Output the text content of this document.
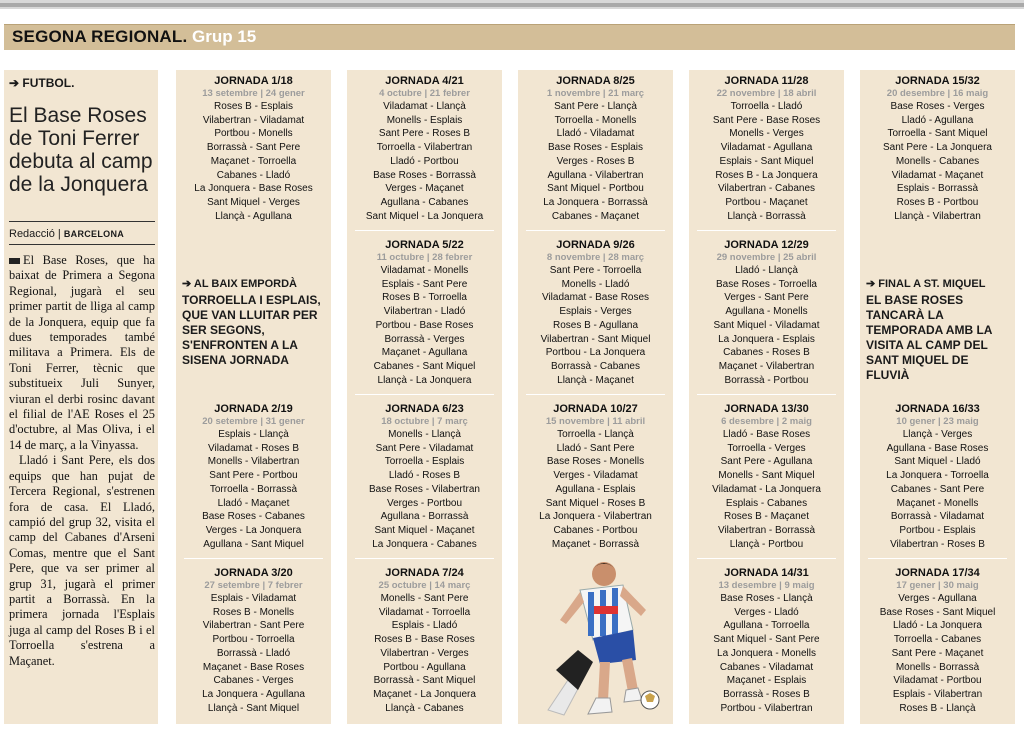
SEGONA REGIONAL. Grup 15
➔ FUTBOL.
El Base Roses de Toni Ferrer debuta al camp de la Jonquera
Redacció | BARCELONA

El Base Roses, que ha baixat de Primera a Segona Regional, jugarà el seu primer partit de lliga al camp de la Jonquera, equip que fa dues temporades també militava a Primera. Els de Toni Ferrer, tècnic que substitueix Juli Sunyer, viuran el derbi rosinc davant el filial de l'AE Roses el 25 d'octubre, al Mas Oliva, i el 14 de març, a la Vinyassa.

Lladó i Sant Pere, els dos equips que han pujat de Tercera Regional, s'estrenen fora de casa. El Lladó, campió del grup 32, visita el camp del Cabanes d'Arseni Comas, mentre que el Sant Pere, que va ser primer al grup 31, jugarà el primer partit a Borrassà. En la primera jornada l'Esplais juga al camp del Roses B i el Torroella s'estrena a Maçanet.

JORNADA 1/18
13 setembre | 24 gener
Roses B - Esplais
Vilabertran - Viladamat
Portbou - Monells
Borrassà - Sant Pere
Maçanet - Torroella
Cabanes - Lladó
La Jonquera - Base Roses
Sant Miquel - Verges
Llançà - Agullana
➔ AL BAIX EMPORDÀ
TORROELLA I ESPLAIS, QUE VAN LLUITAR PER SER SEGONS, S'ENFRONTEN A LA SISENA JORNADA
JORNADA 2/19
20 setembre | 31 gener
Esplais - Llançà
Viladamat - Roses B
Monells - Vilabertran
Sant Pere - Portbou
Torroella - Borrassà
Lladó - Maçanet
Base Roses - Cabanes
Verges - La Jonquera
Agullana - Sant Miquel
JORNADA 3/20
27 setembre | 7 febrer
Esplais - Viladamat
Roses B - Monells
Vilabertran - Sant Pere
Portbou - Torroella
Borrassà - Lladó
Maçanet - Base Roses
Cabanes - Verges
La Jonquera - Agullana
Llançà - Sant Miquel
JORNADA 4/21
4 octubre | 21 febrer
Viladamat - Llançà
Monells - Esplais
Sant Pere - Roses B
Torroella - Vilabertran
Lladó - Portbou
Base Roses - Borrassà
Verges - Maçanet
Agullana - Cabanes
Sant Miquel - La Jonquera
JORNADA 5/22
11 octubre | 28 febrer
Viladamat - Monells
Esplais - Sant Pere
Roses B - Torroella
Vilabertran - Lladó
Portbou - Base Roses
Borrassà - Verges
Maçanet - Agullana
Cabanes - Sant Miquel
Llançà - La Jonquera
JORNADA 6/23
18 octubre | 7 març
Monells - Llançà
Sant Pere - Viladamat
Torroella - Esplais
Lladó - Roses B
Base Roses - Vilabertran
Verges - Portbou
Agullana - Borrassà
Sant Miquel - Maçanet
La Jonquera - Cabanes
JORNADA 7/24
25 octubre | 14 març
Monells - Sant Pere
Viladamat - Torroella
Esplais - Lladó
Roses B - Base Roses
Vilabertran - Verges
Portbou - Agullana
Borrassà - Sant Miquel
Maçanet - La Jonquera
Llançà - Cabanes
JORNADA 8/25
1 novembre | 21 març
Sant Pere - Llançà
Torroella - Monells
Lladó - Viladamat
Base Roses - Esplais
Verges - Roses B
Agullana - Vilabertran
Sant Miquel - Portbou
La Jonquera - Borrassà
Cabanes - Maçanet
JORNADA 9/26
8 novembre | 28 març
Sant Pere - Torroella
Monells - Lladó
Viladamat - Base Roses
Esplais - Verges
Roses B - Agullana
Vilabertran - Sant Miquel
Portbou - La Jonquera
Borrassà - Cabanes
Llançà - Maçanet
JORNADA 10/27
15 novembre | 11 abril
Torroella - Llançà
Lladó - Sant Pere
Base Roses - Monells
Verges - Viladamat
Agullana - Esplais
Sant Miquel - Roses B
La Jonquera - Vilabertran
Cabanes - Portbou
Maçanet - Borrassà
JORNADA 11/28
22 novembre | 18 abril
Torroella - Lladó
Sant Pere - Base Roses
Monells - Verges
Viladamat - Agullana
Esplais - Sant Miquel
Roses B - La Jonquera
Vilabertran - Cabanes
Portbou - Maçanet
Llançà - Borrassà
JORNADA 12/29
29 novembre | 25 abril
Lladó - Llançà
Base Roses - Torroella
Verges - Sant Pere
Agullana - Monells
Sant Miquel - Viladamat
La Jonquera - Esplais
Cabanes - Roses B
Maçanet - Vilabertran
Borrassà - Portbou
JORNADA 13/30
6 desembre | 2 maig
Lladó - Base Roses
Torroella - Verges
Sant Pere - Agullana
Monells - Sant Miquel
Viladamat - La Jonquera
Esplais - Cabanes
Roses B - Maçanet
Vilabertran - Borrassà
Llançà - Portbou
JORNADA 14/31
13 desembre | 9 maig
Base Roses - Llançà
Verges - Lladó
Agullana - Torroella
Sant Miquel - Sant Pere
La Jonquera - Monells
Cabanes - Viladamat
Maçanet - Esplais
Borrassà - Roses B
Portbou - Vilabertran
JORNADA 15/32
20 desembre | 16 maig
Base Roses - Verges
Lladó - Agullana
Torroella - Sant Miquel
Sant Pere - La Jonquera
Monells - Cabanes
Viladamat - Maçanet
Esplais - Borrassà
Roses B - Portbou
Llançà - Vilabertran
➔ FINAL A ST. MIQUEL
EL BASE ROSES TANCARÀ LA TEMPORADA AMB LA VISITA AL CAMP DEL SANT MIQUEL DE FLUVIÀ
JORNADA 16/33
10 gener | 23 maig
Llançà - Verges
Agullana - Base Roses
Sant Miquel - Lladó
La Jonquera - Torroella
Cabanes - Sant Pere
Maçanet - Monells
Borrassà - Viladamat
Portbou - Esplais
Vilabertran - Roses B
JORNADA 17/34
17 gener | 30 maig
Verges - Agullana
Base Roses - Sant Miquel
Lladó - La Jonquera
Torroella - Cabanes
Sant Pere - Maçanet
Monells - Borrassà
Viladamat - Portbou
Esplais - Vilabertran
Roses B - Llançà
